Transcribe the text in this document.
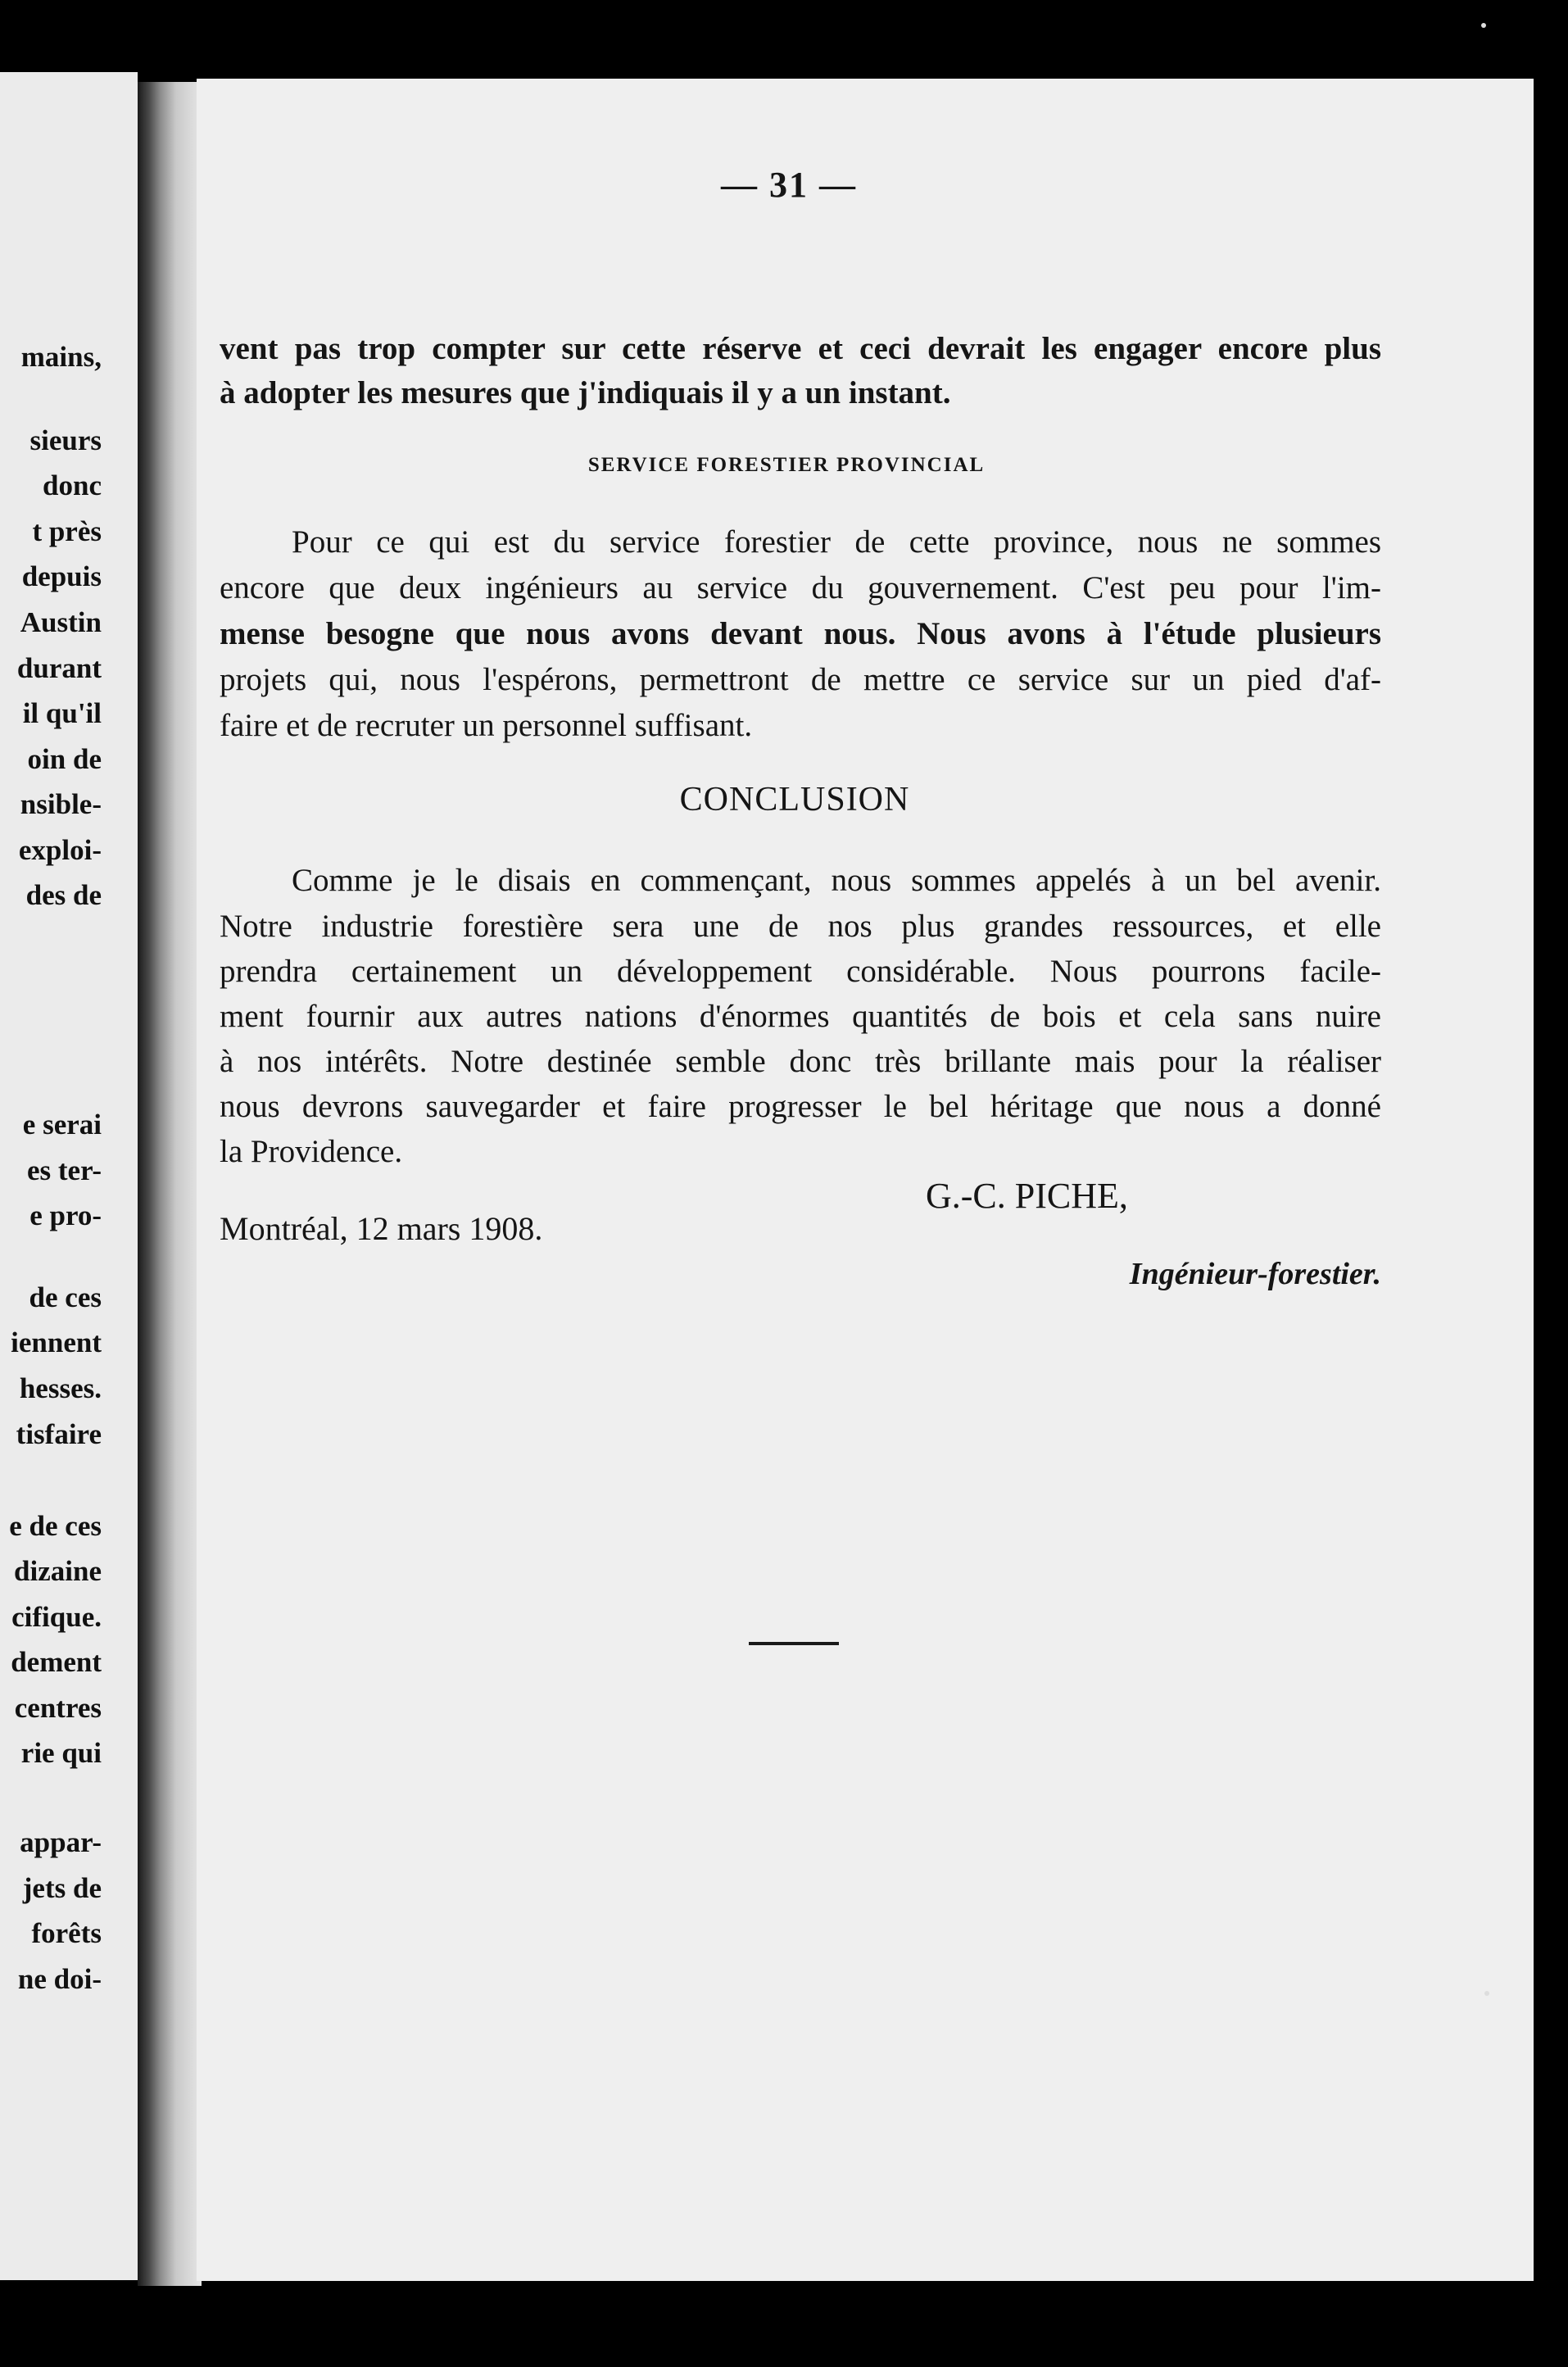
mains,
sieurs
donc
t près
depuis
Austin
durant
il qu'il
oin de
nsible-
exploi-
des de
e serai
es ter-
e pro-
de ces
iennent
hesses.
tisfaire
e de ces
dizaine
cifique.
dement
centres
rie qui
appar-
jets de
forêts
ne doi-
— 31 —
vent pas trop compter sur cette réserve et ceci devrait les engager encore plus
à adopter les mesures que j'indiquais il y a un instant.
SERVICE FORESTIER PROVINCIAL
Pour ce qui est du service forestier de cette province, nous ne sommes
encore que deux ingénieurs au service du gouvernement. C'est peu pour l'im-
mense besogne que nous avons devant nous. Nous avons à l'étude plusieurs
projets qui, nous l'espérons, permettront de mettre ce service sur un pied d'af-
faire et de recruter un personnel suffisant.
CONCLUSION
Comme je le disais en commençant, nous sommes appelés à un bel avenir.
Notre industrie forestière sera une de nos plus grandes ressources, et elle
prendra certainement un développement considérable. Nous pourrons facile-
ment fournir aux autres nations d'énormes quantités de bois et cela sans nuire
à nos intérêts. Notre destinée semble donc très brillante mais pour la réaliser
nous devrons sauvegarder et faire progresser le bel héritage que nous a donné
la Providence.
G.-C. PICHE,
Montréal, 12 mars 1908.
Ingénieur-forestier.
